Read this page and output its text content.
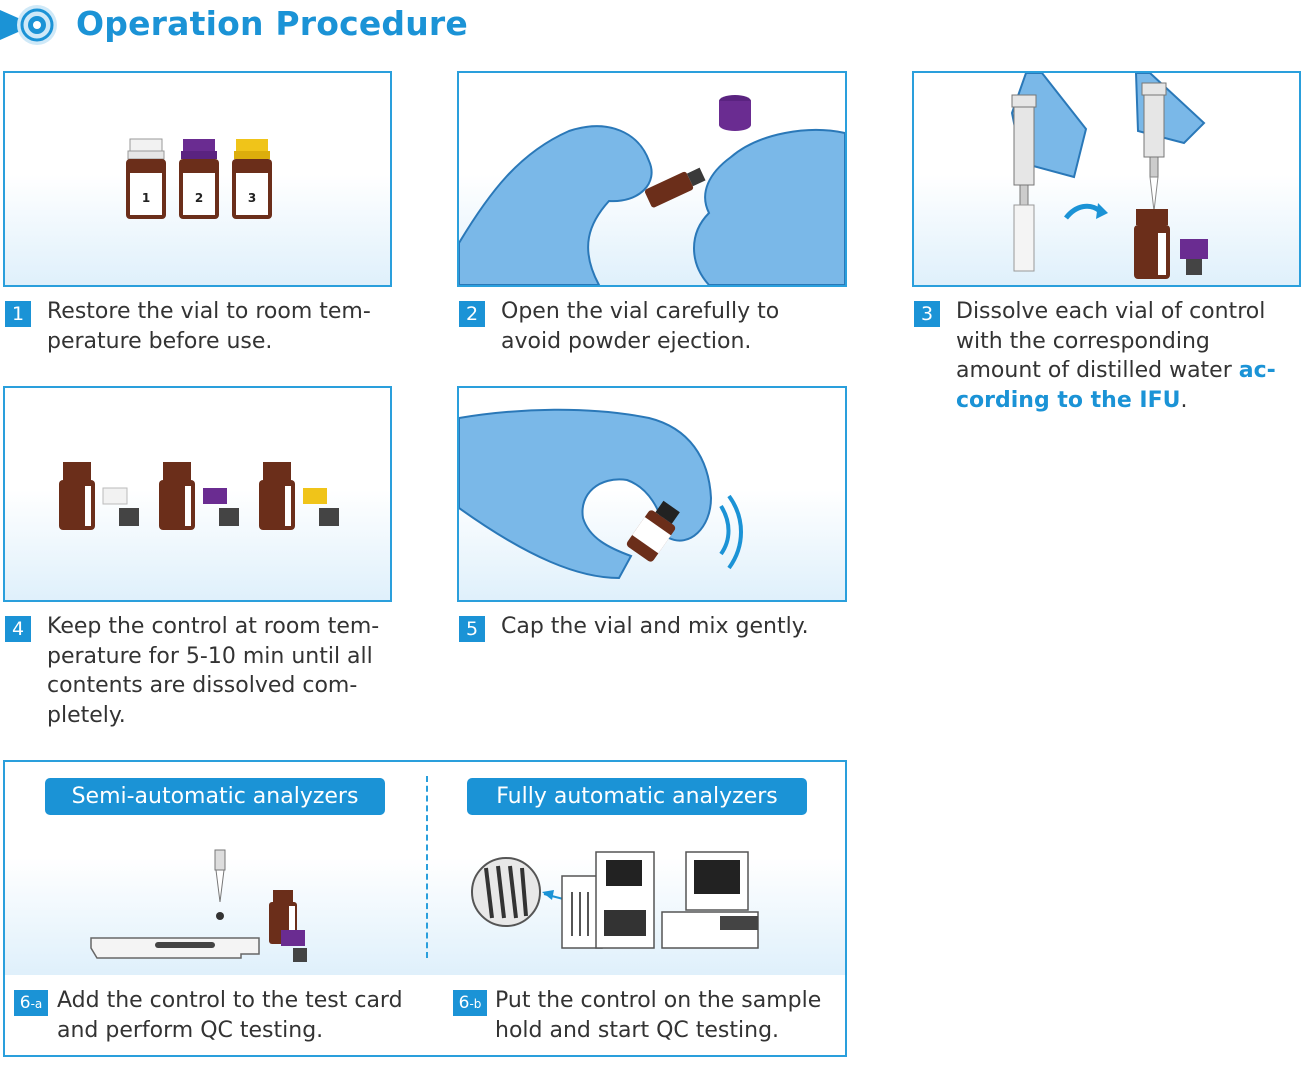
Operation Procedure
1	2	3
1	Restore the vial to room tem-
perature before use.
2	Open the vial carefully to
avoid powder ejection.
3	Dissolve each vial of control
with the corresponding
amount of distilled water ac-
cording to the IFU.
4	Keep the control at room tem-
perature for 5-10 min until all
contents are dissolved com-
pletely.
5	Cap the vial and mix gently.
Semi-automatic analyzers	Fully automatic analyzers
6-a Add the control to the test card
and perform QC testing.
6-b Put the control on the sample
hold and start QC testing.
